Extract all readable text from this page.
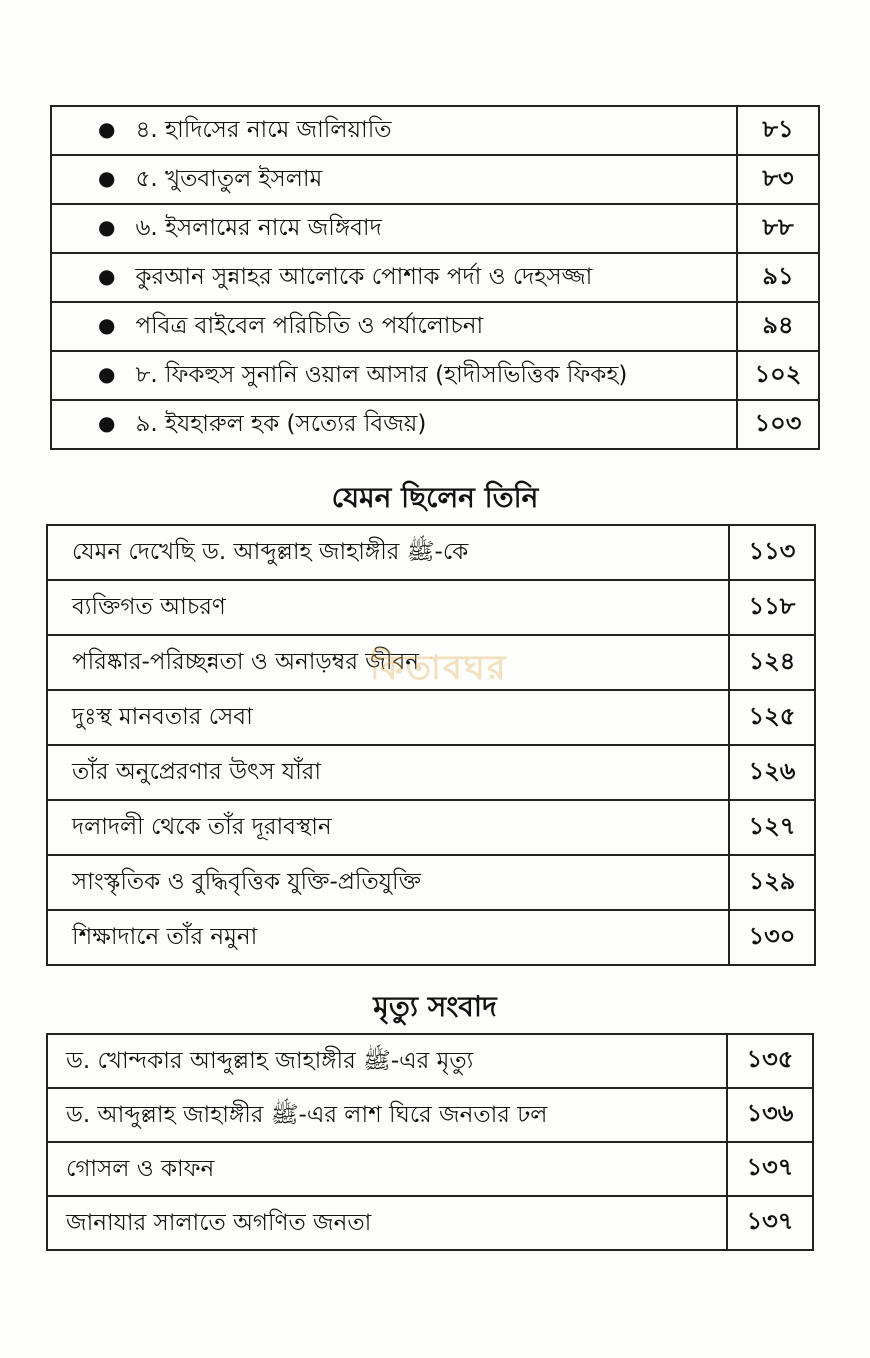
● ৪. হাদিসের নামে জালিয়াতি	৮১
● ৫. খুতবাতুল ইসলাম	৮৩
● ৬. ইসলামের নামে জঙ্গিবাদ	৮৮
● কুরআন সুন্নাহর আলোকে পোশাক পর্দা ও দেহসজ্জা	৯১
● পবিত্র বাইবেল পরিচিতি ও পর্যালোচনা	৯৪
● ৮. ফিকহুস সুনানি ওয়াল আসার (হাদীসভিত্তিক ফিকহ)	১০২
● ৯. ইযহারুল হক (সত্যের বিজয়)	১০৩
যেমন ছিলেন তিনি
যেমন দেখেছি ড. আব্দুল্লাহ জাহাঙ্গীর ﷺ-কে	১১৩
ব্যক্তিগত আচরণ	১১৮
পরিষ্কার-পরিচ্ছন্নতা ও অনাড়ম্বর জীবন	১২৪
দুঃস্থ মানবতার সেবা	১২৫
তাঁর অনুপ্রেরণার উৎস যাঁরা	১২৬
দলাদলী থেকে তাঁর দূরাবস্থান	১২৭
সাংস্কৃতিক ও বুদ্ধিবৃত্তিক যুক্তি-প্রতিযুক্তি	১২৯
শিক্ষাদানে তাঁর নমুনা	১৩০
কিতাবঘর
মৃত্যু সংবাদ
ড. খোন্দকার আব্দুল্লাহ জাহাঙ্গীর ﷺ-এর মৃত্যু	১৩৫
ড. আব্দুল্লাহ জাহাঙ্গীর ﷺ-এর লাশ ঘিরে জনতার ঢল	১৩৬
গোসল ও কাফন	১৩৭
জানাযার সালাতে অগণিত জনতা	১৩৭
